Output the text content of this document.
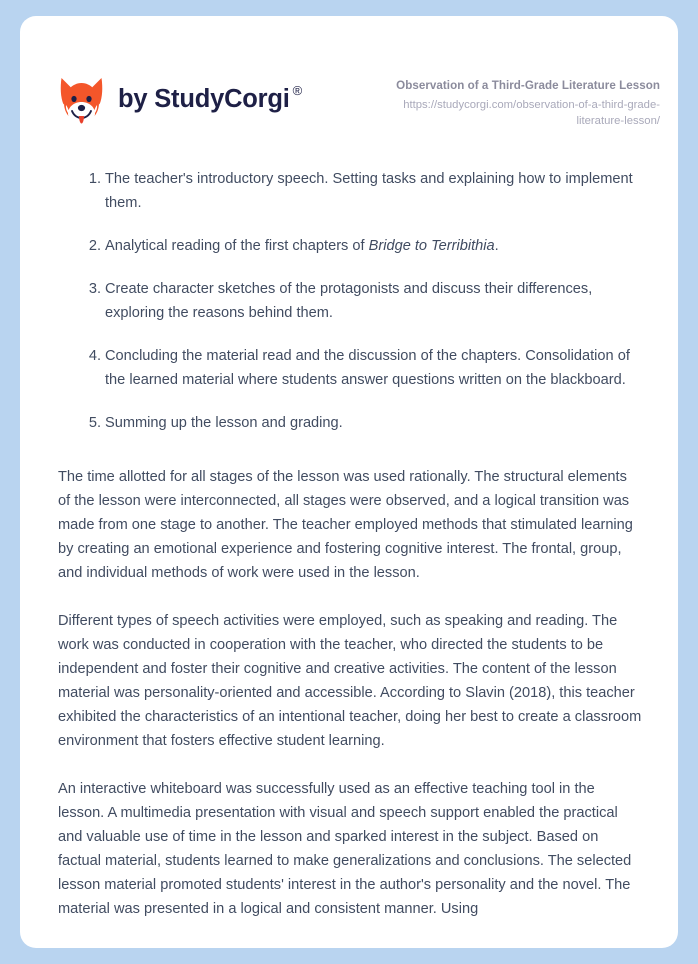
by StudyCorgi ®	Observation of a Third-Grade Literature Lesson
https://studycorgi.com/observation-of-a-third-grade-literature-lesson/
1. The teacher's introductory speech. Setting tasks and explaining how to implement them.
2. Analytical reading of the first chapters of Bridge to Terribithia.
3. Create character sketches of the protagonists and discuss their differences, exploring the reasons behind them.
4. Concluding the material read and the discussion of the chapters. Consolidation of the learned material where students answer questions written on the blackboard.
5. Summing up the lesson and grading.

The time allotted for all stages of the lesson was used rationally. The structural elements of the lesson were interconnected, all stages were observed, and a logical transition was made from one stage to another. The teacher employed methods that stimulated learning by creating an emotional experience and fostering cognitive interest. The frontal, group, and individual methods of work were used in the lesson.

Different types of speech activities were employed, such as speaking and reading. The work was conducted in cooperation with the teacher, who directed the students to be independent and foster their cognitive and creative activities. The content of the lesson material was personality-oriented and accessible. According to Slavin (2018), this teacher exhibited the characteristics of an intentional teacher, doing her best to create a classroom environment that fosters effective student learning.

An interactive whiteboard was successfully used as an effective teaching tool in the lesson. A multimedia presentation with visual and speech support enabled the practical and valuable use of time in the lesson and sparked interest in the subject. Based on factual material, students learned to make generalizations and conclusions. The selected lesson material promoted students' interest in the author's personality and the novel. The material was presented in a logical and consistent manner. Using
